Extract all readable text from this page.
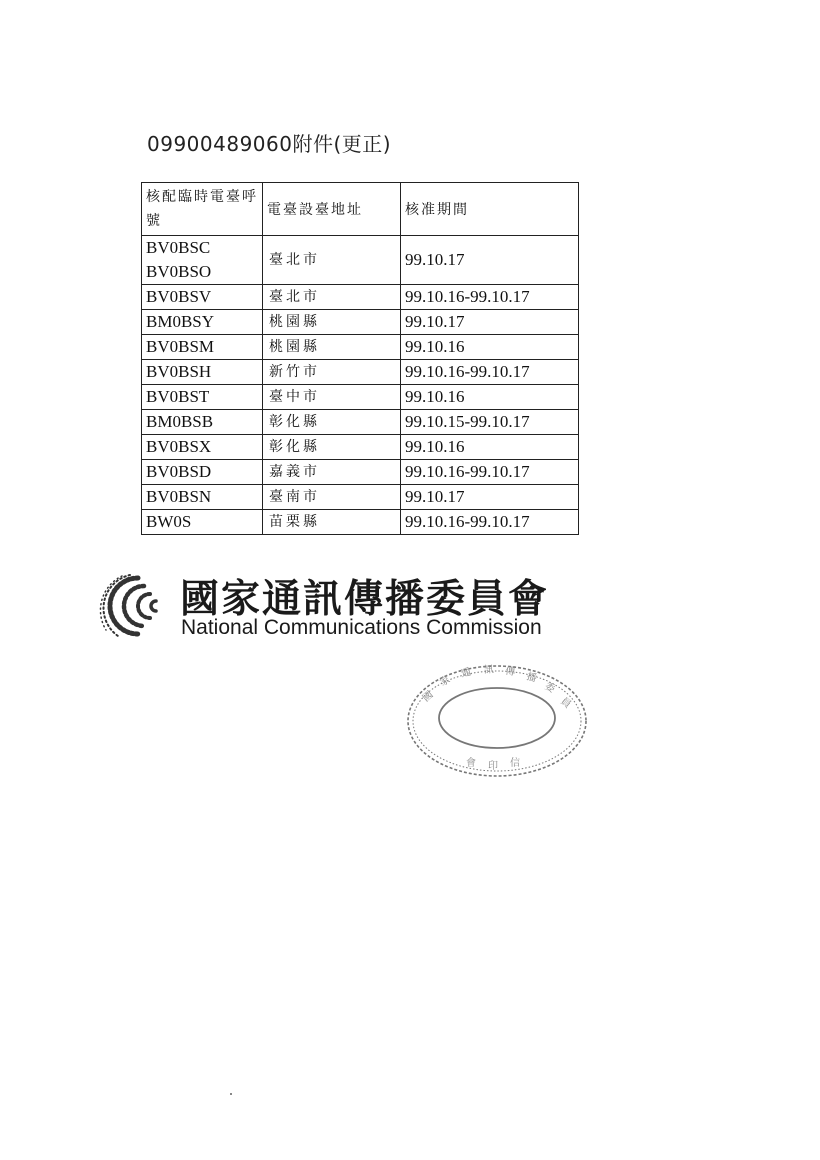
09900489060附件(更正)
核配臨時電臺呼號	電臺設臺地址	核准期間

BV0BSC
BV0BSO	臺北市	99.10.17
BV0BSV	臺北市	99.10.16-99.10.17
BM0BSY	桃園縣	99.10.17
BV0BSM	桃園縣	99.10.16
BV0BSH	新竹市	99.10.16-99.10.17
BV0BST	臺中市	99.10.16
BM0BSB	彰化縣	99.10.15-99.10.17
BV0BSX	彰化縣	99.10.16
BV0BSD	嘉義市	99.10.16-99.10.17
BV0BSN	臺南市	99.10.17
BW0S	苗栗縣	99.10.16-99.10.17
國家通訊傳播委員會
National Communications Commission
國
家
通 訊 傳 播
委
員
會 印 信
